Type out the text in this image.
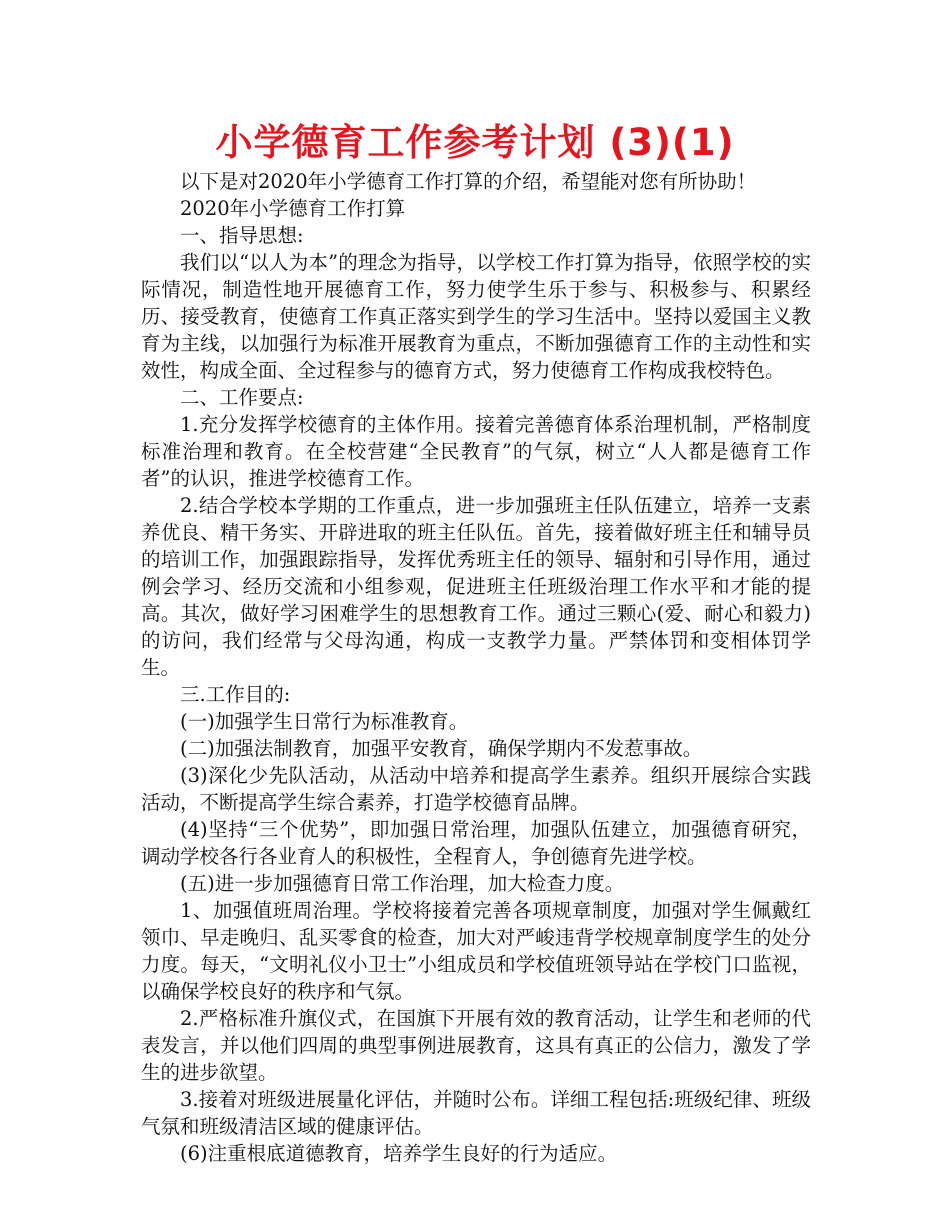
小学德育工作参考计划 (3)(1)

以下是对2020年小学德育工作打算的介绍，希望能对您有所协助！

2020年小学德育工作打算

一、指导思想:

我们以“以人为本”的理念为指导，以学校工作打算为指导，依照学校的实际情况，制造性地开展德育工作，努力使学生乐于参与、积极参与、积累经历、接受教育，使德育工作真正落实到学生的学习生活中。坚持以爱国主义教育为主线，以加强行为标准开展教育为重点，不断加强德育工作的主动性和实效性，构成全面、全过程参与的德育方式，努力使德育工作构成我校特色。

二、工作要点:

1.充分发挥学校德育的主体作用。接着完善德育体系治理机制，严格制度标准治理和教育。在全校营建“全民教育”的气氛，树立“人人都是德育工作者”的认识，推进学校德育工作。

2.结合学校本学期的工作重点，进一步加强班主任队伍建立，培养一支素养优良、精干务实、开辟进取的班主任队伍。首先，接着做好班主任和辅导员的培训工作，加强跟踪指导，发挥优秀班主任的领导、辐射和引导作用，通过例会学习、经历交流和小组参观，促进班主任班级治理工作水平和才能的提高。其次，做好学习困难学生的思想教育工作。通过三颗心(爱、耐心和毅力)的访问，我们经常与父母沟通，构成一支教学力量。严禁体罚和变相体罚学生。

三.工作目的:

(一)加强学生日常行为标准教育。

(二)加强法制教育，加强平安教育，确保学期内不发惹事故。

(3)深化少先队活动，从活动中培养和提高学生素养。组织开展综合实践活动，不断提高学生综合素养，打造学校德育品牌。

(4)坚持“三个优势”，即加强日常治理，加强队伍建立，加强德育研究，调动学校各行各业育人的积极性，全程育人，争创德育先进学校。

(五)进一步加强德育日常工作治理，加大检查力度。

1、加强值班周治理。学校将接着完善各项规章制度，加强对学生佩戴红领巾、早走晚归、乱买零食的检查，加大对严峻违背学校规章制度学生的处分力度。每天，“文明礼仪小卫士”小组成员和学校值班领导站在学校门口监视，以确保学校良好的秩序和气氛。

2.严格标准升旗仪式，在国旗下开展有效的教育活动，让学生和老师的代表发言，并以他们四周的典型事例进展教育，这具有真正的公信力，激发了学生的进步欲望。

3.接着对班级进展量化评估，并随时公布。详细工程包括:班级纪律、班级气氛和班级清洁区域的健康评估。

(6)注重根底道德教育，培养学生良好的行为适应。
